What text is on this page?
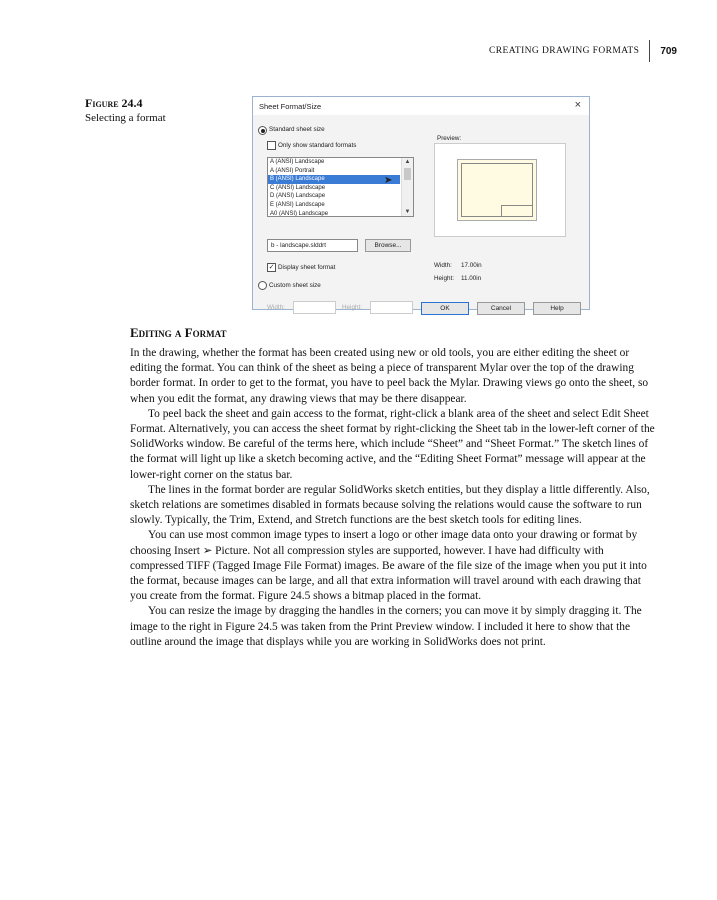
CREATING DRAWING FORMATS	709
Figure 24.4
Selecting a format
Sheet Format/Size	×
Standard sheet size
Only show standard formats
A (ANSI) Landscape
A (ANSI) Portrait
B (ANSI) Landscape
C (ANSI) Landscape
D (ANSI) Landscape
E (ANSI) Landscape
A0 (ANSI) Landscape
▲
▼
➤
Preview:
b - landscape.slddrt	Browse...
✓ Display sheet format	Width: 17.00in
Height: 11.00in
Custom sheet size
Width:	Height:	OK	Cancel	Help
Editing a Format

In the drawing, whether the format has been created using new or old tools, you are either editing the sheet or editing the format. You can think of the sheet as being a piece of transparent Mylar over the top of the drawing border format. In order to get to the format, you have to peel back the Mylar. Drawing views go onto the sheet, so when you edit the format, any drawing views that may be there disappear.

To peel back the sheet and gain access to the format, right-click a blank area of the sheet and select Edit Sheet Format. Alternatively, you can access the sheet format by right-clicking the Sheet tab in the lower-left corner of the SolidWorks window. Be careful of the terms here, which include “Sheet” and “Sheet Format.” The sketch lines of the format will light up like a sketch becoming active, and the “Editing Sheet Format” message will appear at the lower-right corner on the status bar.

The lines in the format border are regular SolidWorks sketch entities, but they display a little differently. Also, sketch relations are sometimes disabled in formats because solving the relations would cause the software to run slowly. Typically, the Trim, Extend, and Stretch functions are the best sketch tools for editing lines.

You can use most common image types to insert a logo or other image data onto your drawing or format by choosing Insert ➢ Picture. Not all compression styles are supported, however. I have had difficulty with compressed TIFF (Tagged Image File Format) images. Be aware of the file size of the image when you put it into the format, because images can be large, and all that extra information will travel around with each drawing that you create from the format. Figure 24.5 shows a bitmap placed in the format.

You can resize the image by dragging the handles in the corners; you can move it by simply dragging it. The image to the right in Figure 24.5 was taken from the Print Preview window. I included it here to show that the outline around the image that displays while you are working in SolidWorks does not print.
